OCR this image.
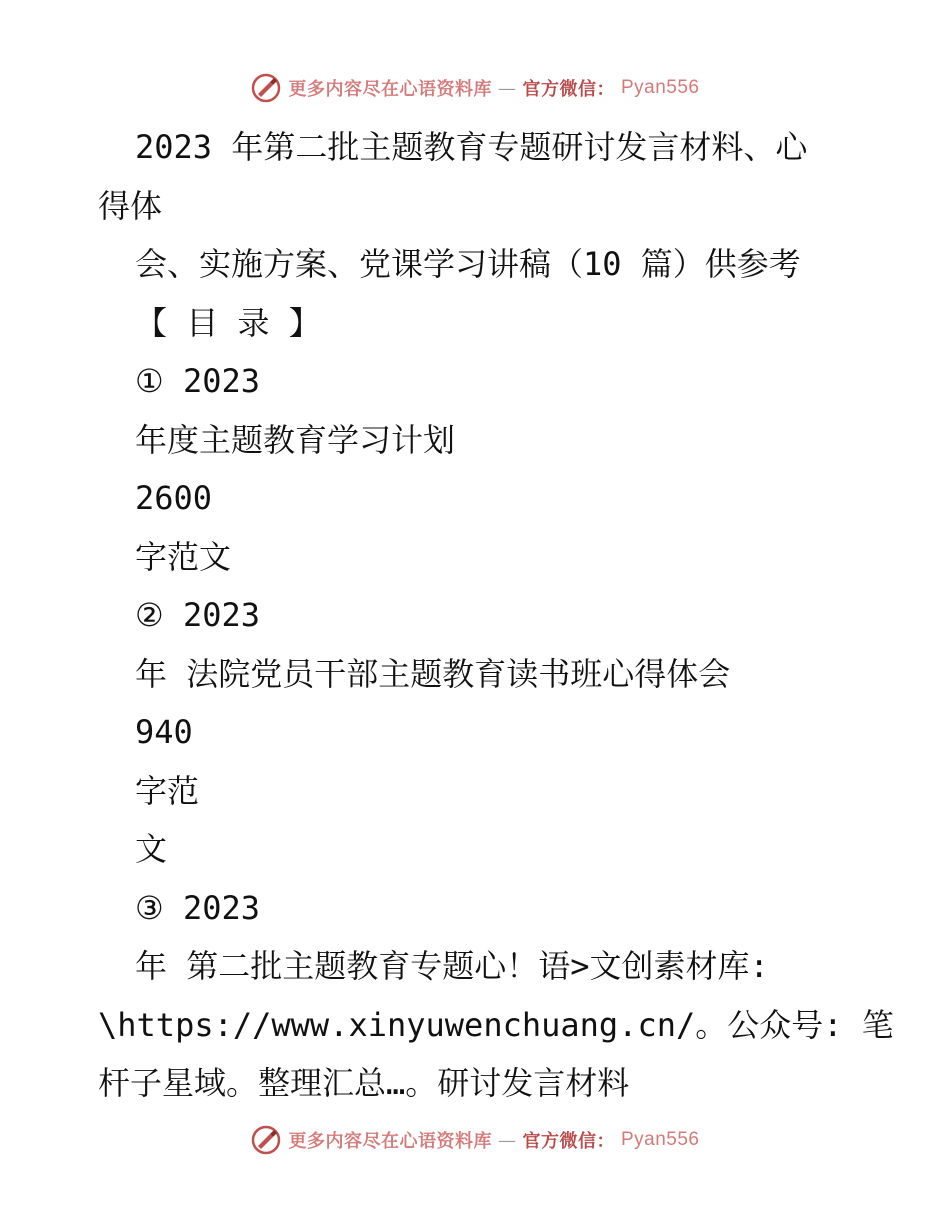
更多内容尽在心语资料库 — 官方微信： Pyan556
2023 年第二批主题教育专题研讨发言材料、心
得体
会、实施方案、党课学习讲稿（10 篇）供参考
【 目 录 】
① 2023
年度主题教育学习计划
2600
字范文
② 2023
年 法院党员干部主题教育读书班心得体会
940
字范
文
③ 2023
年 第二批主题教育专题心！语>文创素材库:
\https://www.xinyuwenchuang.cn/。公众号: 笔
杆子星域。整理汇总…。研讨发言材料
更多内容尽在心语资料库 — 官方微信： Pyan556
